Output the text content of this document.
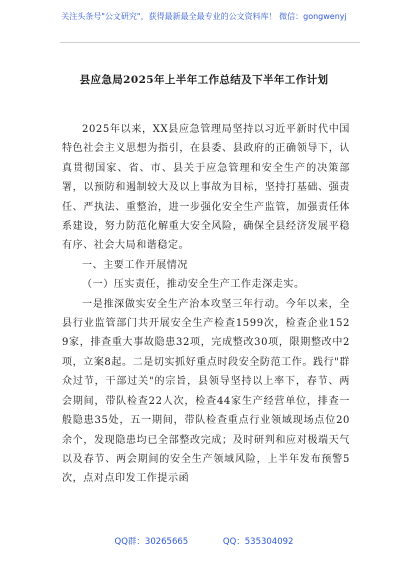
关注头条号"公文研究"，获得最新最全最专业的公文资料库！ 微信：gongwenyj
县应急局2025年上半年工作总结及下半年工作计划

2025年以来，XX县应急管理局坚持以习近平新时代中国特色社会主义思想为指引，在县委、县政府的正确领导下，认真贯彻国家、省、市、县关于应急管理和安全生产的决策部署，以预防和遏制较大及以上事故为目标，坚持打基础、强责任、严执法、重整治，进一步强化安全生产监管，加强责任体系建设，努力防范化解重大安全风险，确保全县经济发展平稳有序、社会大局和谐稳定。

一、主要工作开展情况

（一）压实责任，推动安全生产工作走深走实。

一是推深做实安全生产治本攻坚三年行动。今年以来，全县行业监管部门共开展安全生产检查1599次，检查企业1529家，排查重大事故隐患32项，完成整改30项，限期整改中2项，立案8起。二是切实抓好重点时段安全防范工作。践行"群众过节，干部过关"的宗旨，县领导坚持以上率下，春节、两会期间，带队检查22人次，检查44家生产经营单位，排查一般隐患35处，五一期间，带队检查重点行业领域现场点位20余个，发现隐患均已全部整改完成；及时研判和应对极端天气以及春节、两会期间的安全生产领域风险，上半年发布预警5次，点对点印发工作提示函

QQ群：30265665	QQ：535304092
